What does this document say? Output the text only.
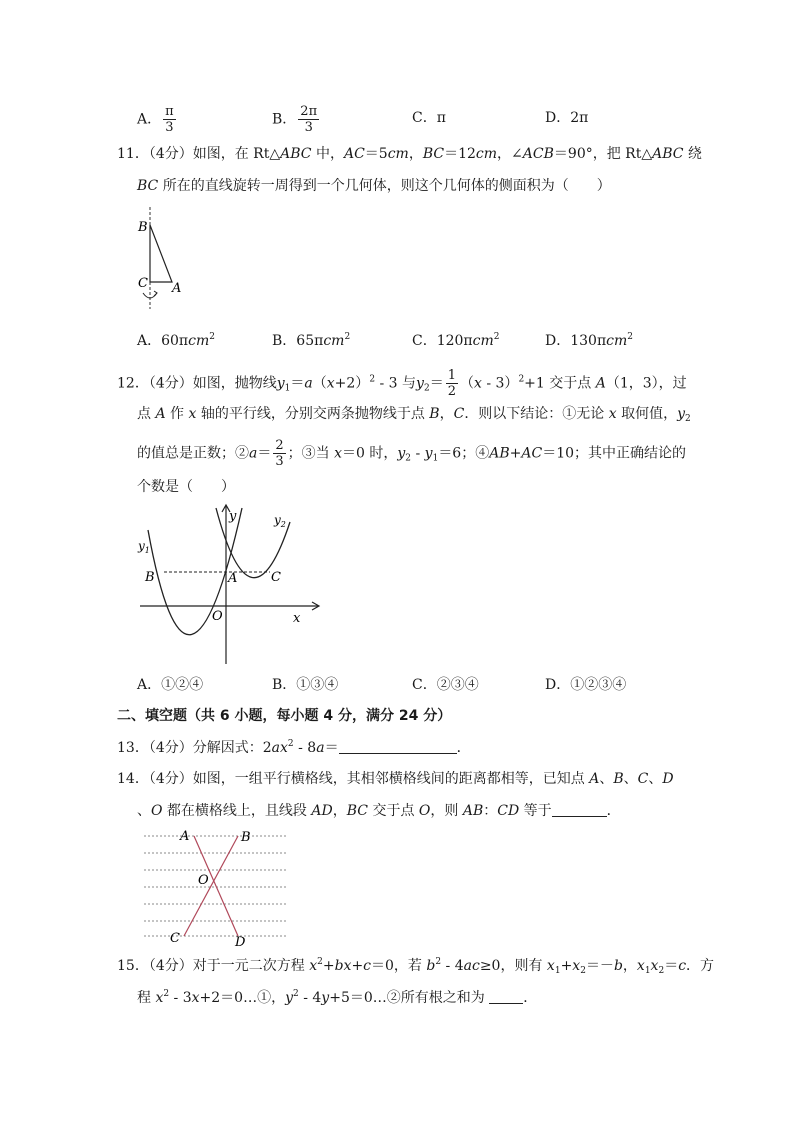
A． $\frac{\pi}{3}$	B． $\frac{2\pi}{3}$	C．π	D．2π
11．（4分）如图，在 Rt△ABC 中，AC＝5cm，BC＝12cm，∠ACB＝90°，把 Rt△ABC 绕
BC 所在的直线旋转一周得到一个几何体，则这个几何体的侧面积为（　　）
B
C A
A．60πcm$^2$	B．65πcm$^2$	C．120πcm$^2$	D．130πcm$^2$
12．（4分）如图，抛物线$y_1=a(x+2)^2 - 3$ 与$y_2= \frac{1}{2} (x - 3)^2+1$ 交于点 A（1，3），过
点 A 作 x 轴的平行线，分别交两条抛物线于点 B，C．则以下结论：①无论 x 取何值，$y_2$
的值总是正数；②a＝ $\frac{2}{3}$ ；③当 x＝0 时，$y_2 - y_1=6$；④AB+AC＝10；其中正确结论的
个数是（　　）
y
$y_1$
$y_2$
B	A	C
O	x
A．①②④	B．①③④	C．②③④	D．①②③④
二、填空题（共 6 小题，每小题 4 分，满分 24 分）
13．（4分）分解因式：$2ax^2 - 8a=$	．
14．（4分）如图，一组平行横格线，其相邻横格线间的距离都相等，已知点 A、B、C、D
、O 都在横格线上，且线段 AD，BC 交于点 O，则 AB：CD 等于	．
A	B
O
C	D
15．（4分）对于一元二次方程 $x^2+bx+c=0$，若 $b^2 - 4ac\ge 0$，则有 $x_1+x_2=-b$，$x_1x_2=c$．方
程 $x^2$ - 3x+2＝0…①，$y^2$ - 4y+5＝0…②所有根之和为	．
